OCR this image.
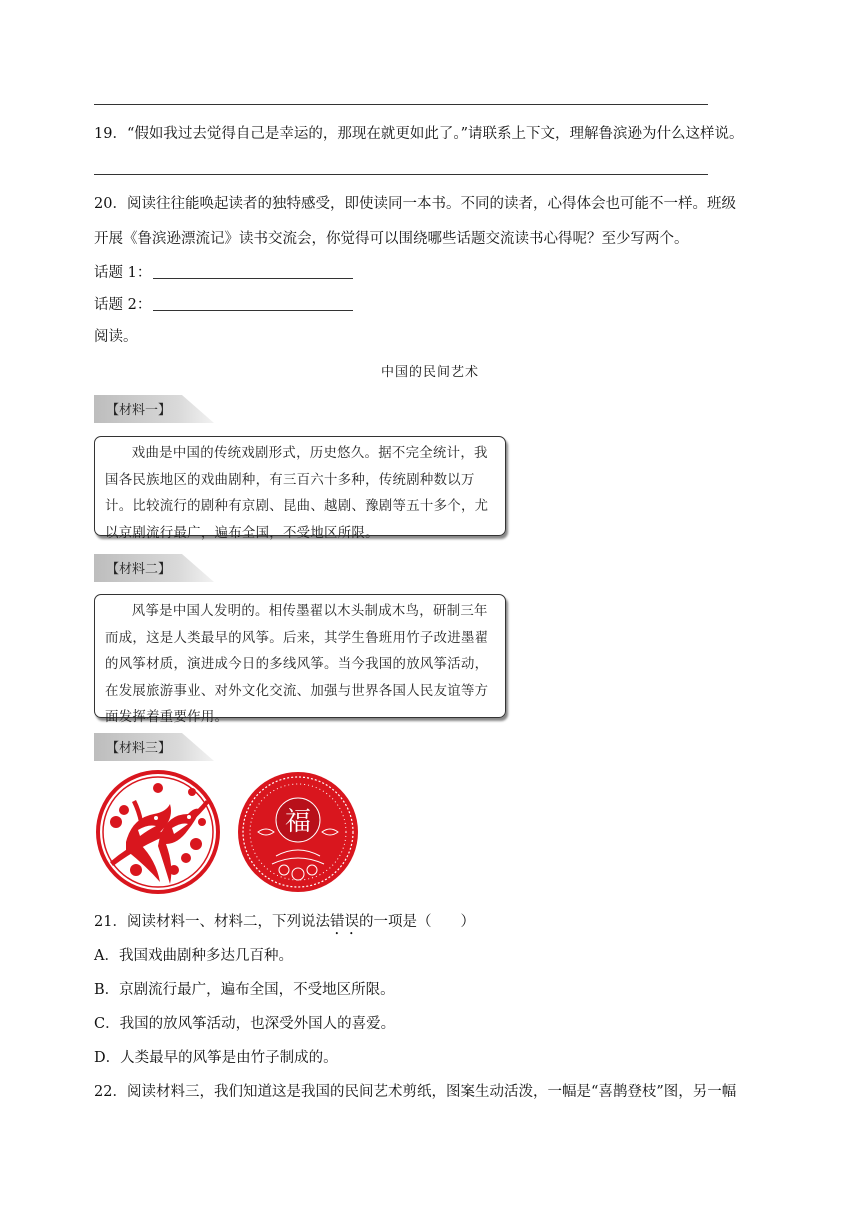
19．“假如我过去觉得自己是幸运的，那现在就更如此了。”请联系上下文，理解鲁滨逊为什么这样说。
20．阅读往往能唤起读者的独特感受，即使读同一本书。不同的读者，心得体会也可能不一样。班级
开展《鲁滨逊漂流记》读书交流会，你觉得可以围绕哪些话题交流读书心得呢？至少写两个。
话题 1：
话题 2：
阅读。
中国的民间艺术
【材料一】

戏曲是中国的传统戏剧形式，历史悠久。据不完全统计，我国各民族地区的戏曲剧种，有三百六十多种，传统剧种数以万计。比较流行的剧种有京剧、昆曲、越剧、豫剧等五十多个，尤以京剧流行最广，遍布全国，不受地区所限。

【材料二】

风筝是中国人发明的。相传墨翟以木头制成木鸟，研制三年而成，这是人类最早的风筝。后来，其学生鲁班用竹子改进墨翟的风筝材质，演进成今日的多线风筝。当今我国的放风筝活动，在发展旅游事业、对外文化交流、加强与世界各国人民友谊等方面发挥着重要作用。

【材料三】
福
21．阅读材料一、材料二，下列说法错误的一项是（　　）
A．我国戏曲剧种多达几百种。
B．京剧流行最广，遍布全国，不受地区所限。
C．我国的放风筝活动，也深受外国人的喜爱。
D．人类最早的风筝是由竹子制成的。
22．阅读材料三，我们知道这是我国的民间艺术剪纸，图案生动活泼，一幅是“喜鹊登枝”图，另一幅
